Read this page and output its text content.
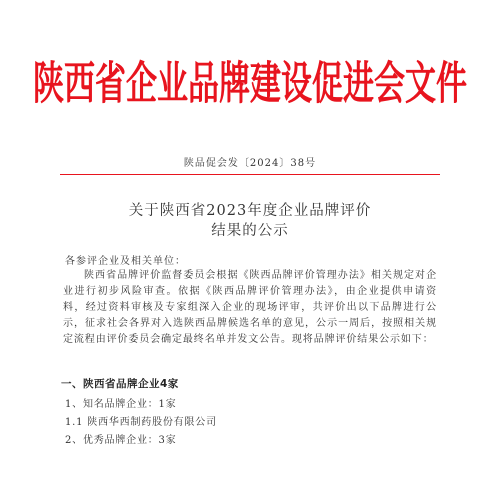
陕西省企业品牌建设促进会文件
陕品促会发〔2024〕38号
关于陕西省2023年度企业品牌评价
结果的公示
各参评企业及相关单位：
陕西省品牌评价监督委员会根据《陕西品牌评价管理办法》相关规定对企业进行初步风险审查。依据《陕西品牌评价管理办法》，由企业提供申请资料，经过资料审核及专家组深入企业的现场评审，共评价出以下品牌进行公示，征求社会各界对入选陕西品牌候选名单的意见，公示一周后，按照相关规定流程由评价委员会确定最终名单并发文公告。现将品牌评价结果公示如下：
一、陕西省品牌企业4家
1、知名品牌企业：1家
1.1 陕西华西制药股份有限公司
2、优秀品牌企业：3家
